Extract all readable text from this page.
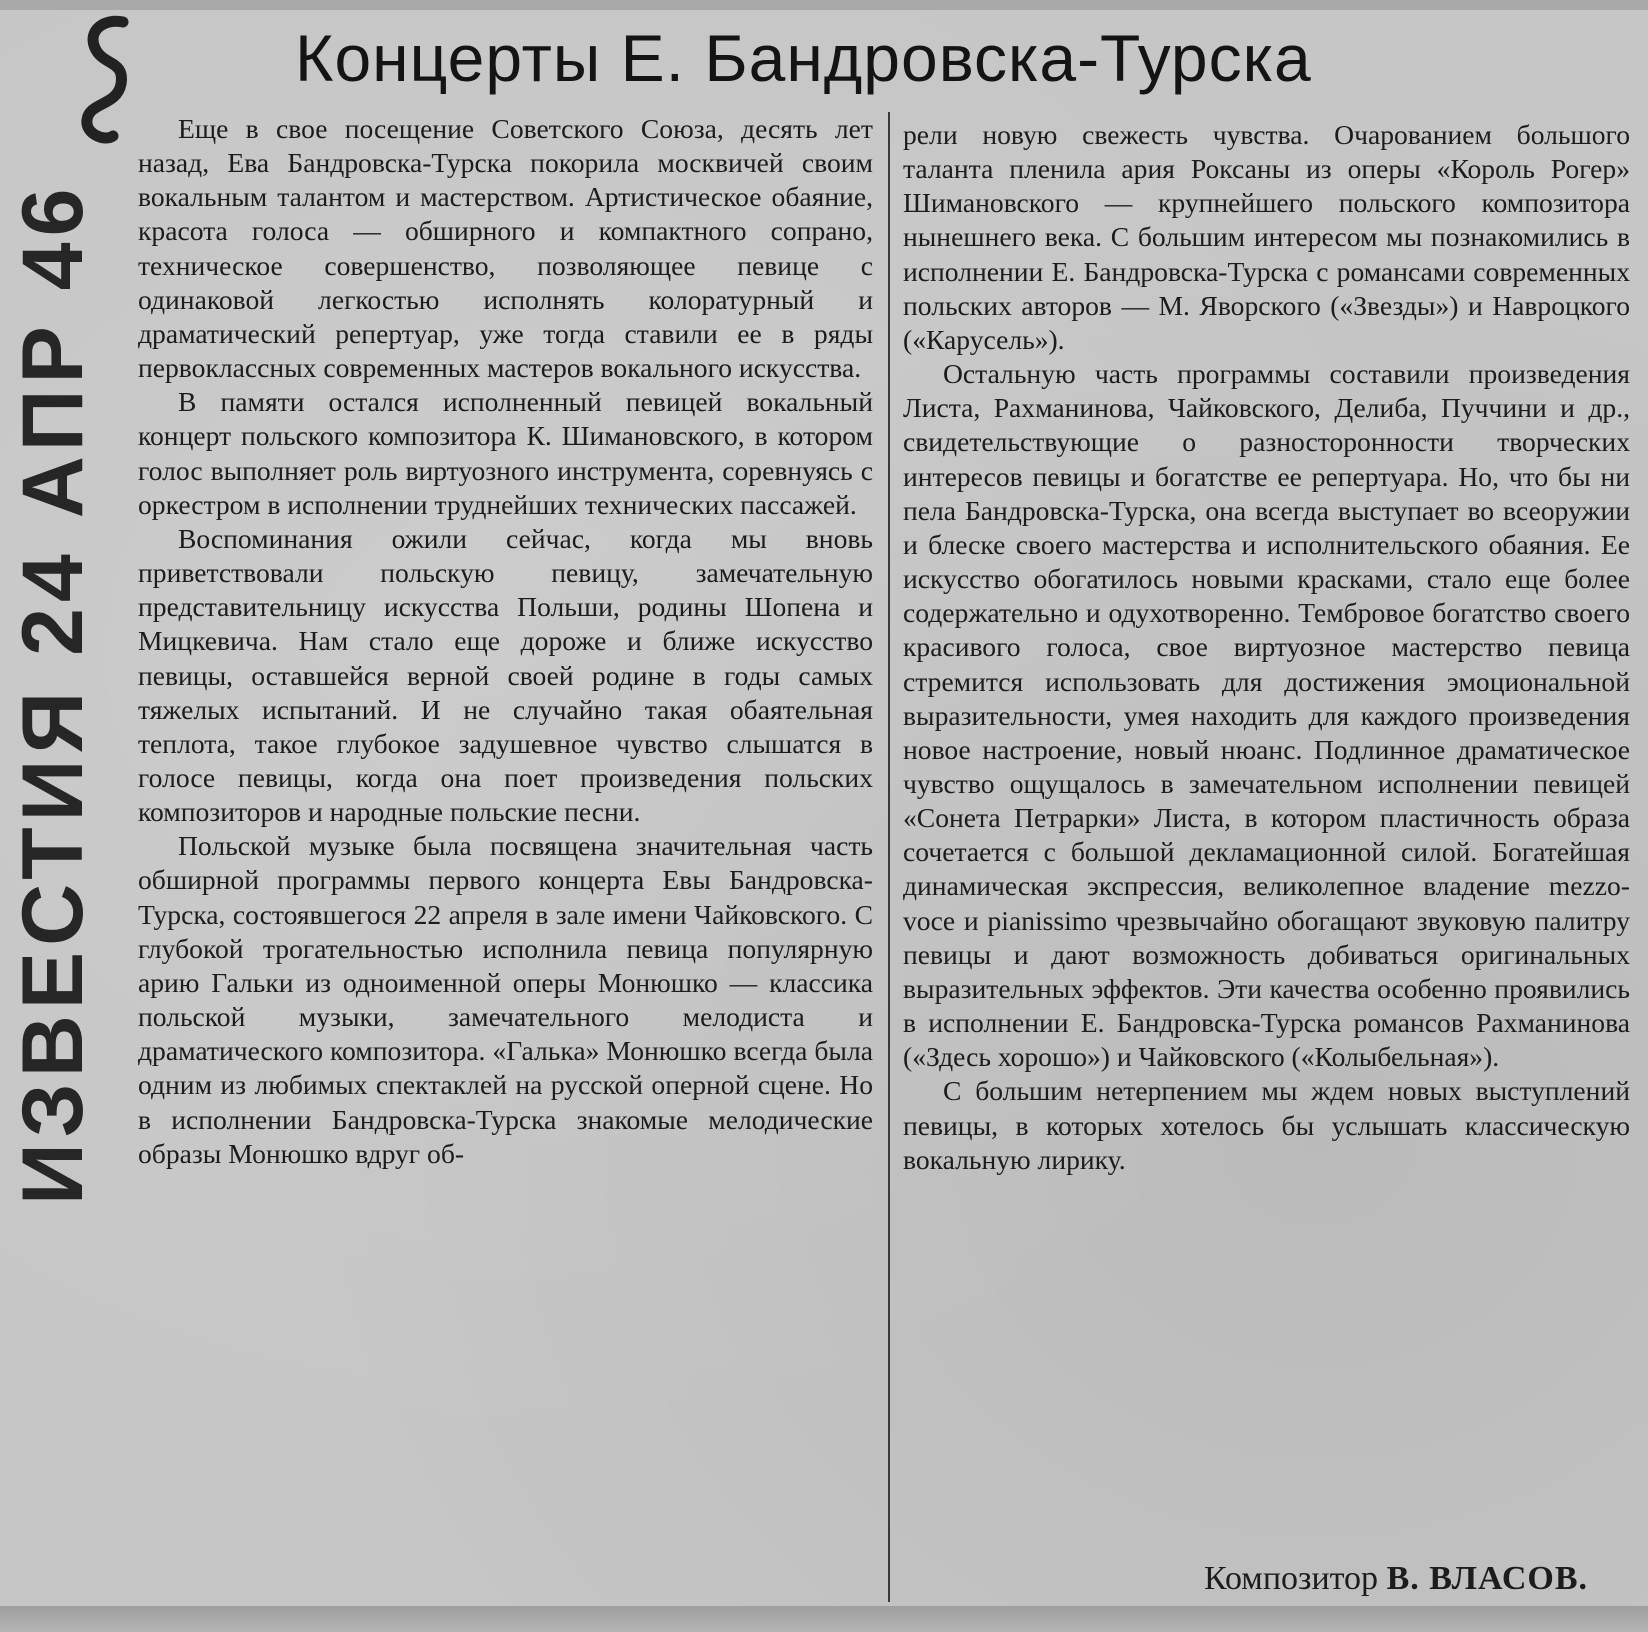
ИЗВЕСТИЯ 24 АПР 46
Концерты Е. Бандровска-Турска

Еще в свое посещение Советского Союза, десять лет назад, Ева Бандровска-Турска покорила москвичей своим вокальным талантом и мастерством. Артистическое обаяние, красота голоса — обширного и компактного сопрано, техническое совершенство, позволяющее певице с одинаковой легкостью исполнять колоратурный и драматический репертуар, уже тогда ставили ее в ряды первоклассных современных мастеров вокального искусства.

В памяти остался исполненный певицей вокальный концерт польского композитора К. Шимановского, в котором голос выполняет роль виртуозного инструмента, соревнуясь с оркестром в исполнении труднейших технических пассажей.

Воспоминания ожили сейчас, когда мы вновь приветствовали польскую певицу, замечательную представительницу искусства Польши, родины Шопена и Мицкевича. Нам стало еще дороже и ближе искусство певицы, оставшейся верной своей родине в годы самых тяжелых испытаний. И не случайно такая обаятельная теплота, такое глубокое задушевное чувство слышатся в голосе певицы, когда она поет произведения польских композиторов и народные польские песни.

Польской музыке была посвящена значительная часть обширной программы первого концерта Евы Бандровска-Турска, состоявшегося 22 апреля в зале имени Чайковского. С глубокой трогательностью исполнила певица популярную арию Гальки из одноименной оперы Монюшко — классика польской музыки, замечательного мелодиста и драматического композитора. «Галька» Монюшко всегда была одним из любимых спектаклей на русской оперной сцене. Но в исполнении Бандровска-Турска знакомые мелодические образы Монюшко вдруг об-

рели новую свежесть чувства. Очарованием большого таланта пленила ария Роксаны из оперы «Король Рогер» Шимановского — крупнейшего польского композитора нынешнего века. С большим интересом мы познакомились в исполнении Е. Бандровска-Турска с романсами современных польских авторов — М. Яворского («Звезды») и Навроцкого («Карусель»).

Остальную часть программы составили произведения Листа, Рахманинова, Чайковского, Делиба, Пуччини и др., свидетельствующие о разносторонности творческих интересов певицы и богатстве ее репертуара. Но, что бы ни пела Бандровска-Турска, она всегда выступает во всеоружии и блеске своего мастерства и исполнительского обаяния. Ее искусство обогатилось новыми красками, стало еще более содержательно и одухотворенно. Тембровое богатство своего красивого голоса, свое виртуозное мастерство певица стремится использовать для достижения эмоциональной выразительности, умея находить для каждого произведения новое настроение, новый нюанс. Подлинное драматическое чувство ощущалось в замечательном исполнении певицей «Сонета Петрарки» Листа, в котором пластичность образа сочетается с большой декламационной силой. Богатейшая динамическая экспрессия, великолепное владение mezzo-voce и pianissimo чрезвычайно обогащают звуковую палитру певицы и дают возможность добиваться оригинальных выразительных эффектов. Эти качества особенно проявились в исполнении Е. Бандровска-Турска романсов Рахманинова («Здесь хорошо») и Чайковского («Колыбельная»).

С большим нетерпением мы ждем новых выступлений певицы, в которых хотелось бы услышать классическую вокальную лирику.

Композитор В. ВЛАСОВ.
